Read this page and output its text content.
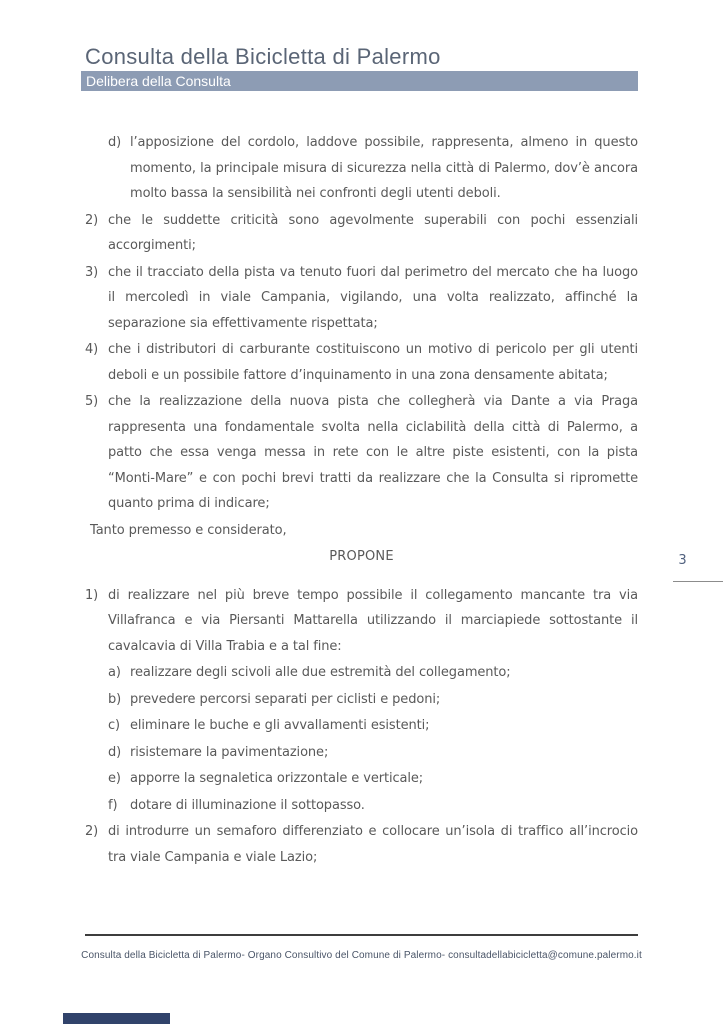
Consulta della Bicicletta di Palermo
Delibera della Consulta
d) l’apposizione del cordolo, laddove possibile, rappresenta, almeno in questo momento, la principale misura di sicurezza nella città di Palermo, dov’è ancora molto bassa la sensibilità nei confronti degli utenti deboli.
2) che le suddette criticità sono agevolmente superabili con pochi essenziali accorgimenti;
3) che il tracciato della pista va tenuto fuori dal perimetro del mercato che ha luogo il mercoledì in viale Campania, vigilando, una volta realizzato, affinché la separazione sia effettivamente rispettata;
4) che i distributori di carburante costituiscono un motivo di pericolo per gli utenti deboli e un possibile fattore d’inquinamento in una zona densamente abitata;
5) che la realizzazione della nuova pista che collegherà via Dante a via Praga rappresenta una fondamentale svolta nella ciclabilità della città di Palermo, a patto che essa venga messa in rete con le altre piste esistenti, con la pista “Monti-Mare” e con pochi brevi tratti da realizzare che la Consulta si ripromette quanto prima di indicare;
Tanto premesso e considerato,
PROPONE
1) di realizzare nel più breve tempo possibile il collegamento mancante tra via Villafranca e via Piersanti Mattarella utilizzando il marciapiede sottostante il cavalcavia di Villa Trabia e a tal fine:
a) realizzare degli scivoli alle due estremità del collegamento;
b) prevedere percorsi separati per ciclisti e pedoni;
c) eliminare le buche e gli avvallamenti esistenti;
d) risistemare la pavimentazione;
e) apporre la segnaletica orizzontale e verticale;
f) dotare di illuminazione il sottopasso.
2) di introdurre un semaforo differenziato e collocare un’isola di traffico all’incrocio tra viale Campania e viale Lazio;
3
Consulta della Bicicletta di Palermo- Organo Consultivo del Comune di Palermo- consultadellabicicletta@comune.palermo.it
